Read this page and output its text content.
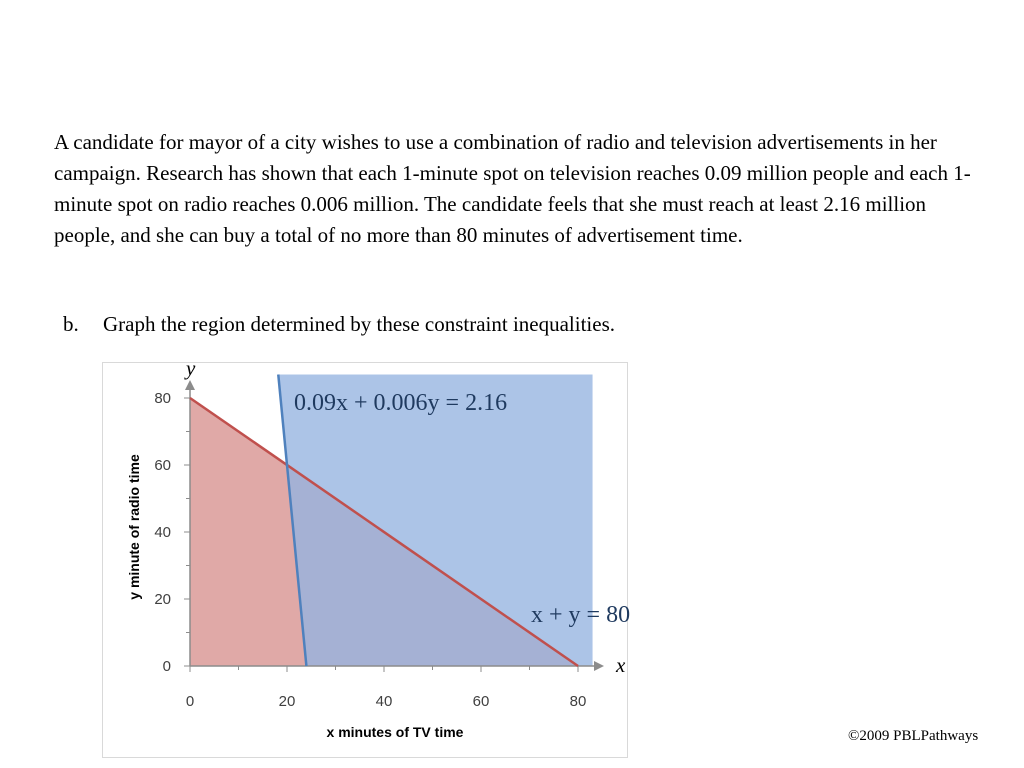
A candidate for mayor of a city wishes to use a combination of radio and television advertisements in her campaign. Research has shown that each 1-minute spot on television reaches 0.09 million people and each 1-minute spot on radio reaches 0.006 million. The candidate feels that she must reach at least 2.16 million people, and she can buy a total of no more than 80 minutes of advertisement time.

b. Graph the region determined by these constraint inequalities.

0	20	40	60	80
0
20
40
60
80
x + y = 80
0.09x + 0.006y = 2.16
x minutes of TV time
y minute of radio time
x
y

©2009 PBLPathways
